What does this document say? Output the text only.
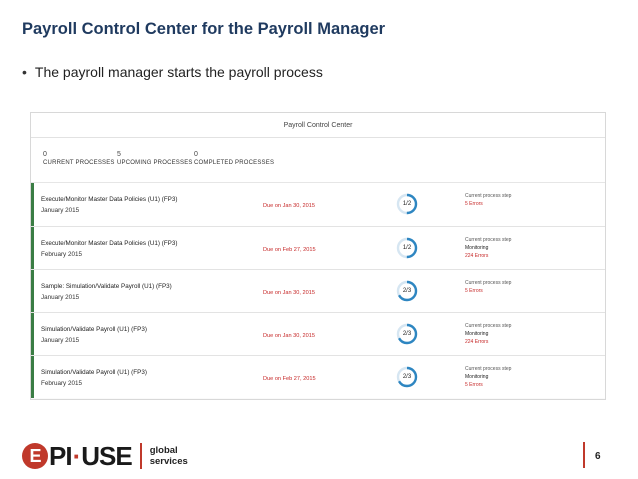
Payroll Control Center for the Payroll Manager
• The payroll manager starts the payroll process
Payroll Control Center
0
CURRENT PROCESSES
5
UPCOMING PROCESSES
0
COMPLETED PROCESSES
Execute/Monitor Master Data Policies (U1) (FP3)
January 2015
Due on Jan 30, 2015	1/2
Current process step
5 Errors
Execute/Monitor Master Data Policies (U1) (FP3)
February 2015
Due on Feb 27, 2015	1/2
Current process step
Monitoring
224 Errors
Sample: Simulation/Validate Payroll (U1) (FP3)
January 2015
Due on Jan 30, 2015	2/3
Current process step
5 Errors
Simulation/Validate Payroll (U1) (FP3)
January 2015
Due on Jan 30, 2015	2/3
Current process step
Monitoring
224 Errors
Simulation/Validate Payroll (U1) (FP3)
February 2015
Due on Feb 27, 2015	2/3
Current process step
Monitoring
5 Errors
E PI · USE global
services	6
